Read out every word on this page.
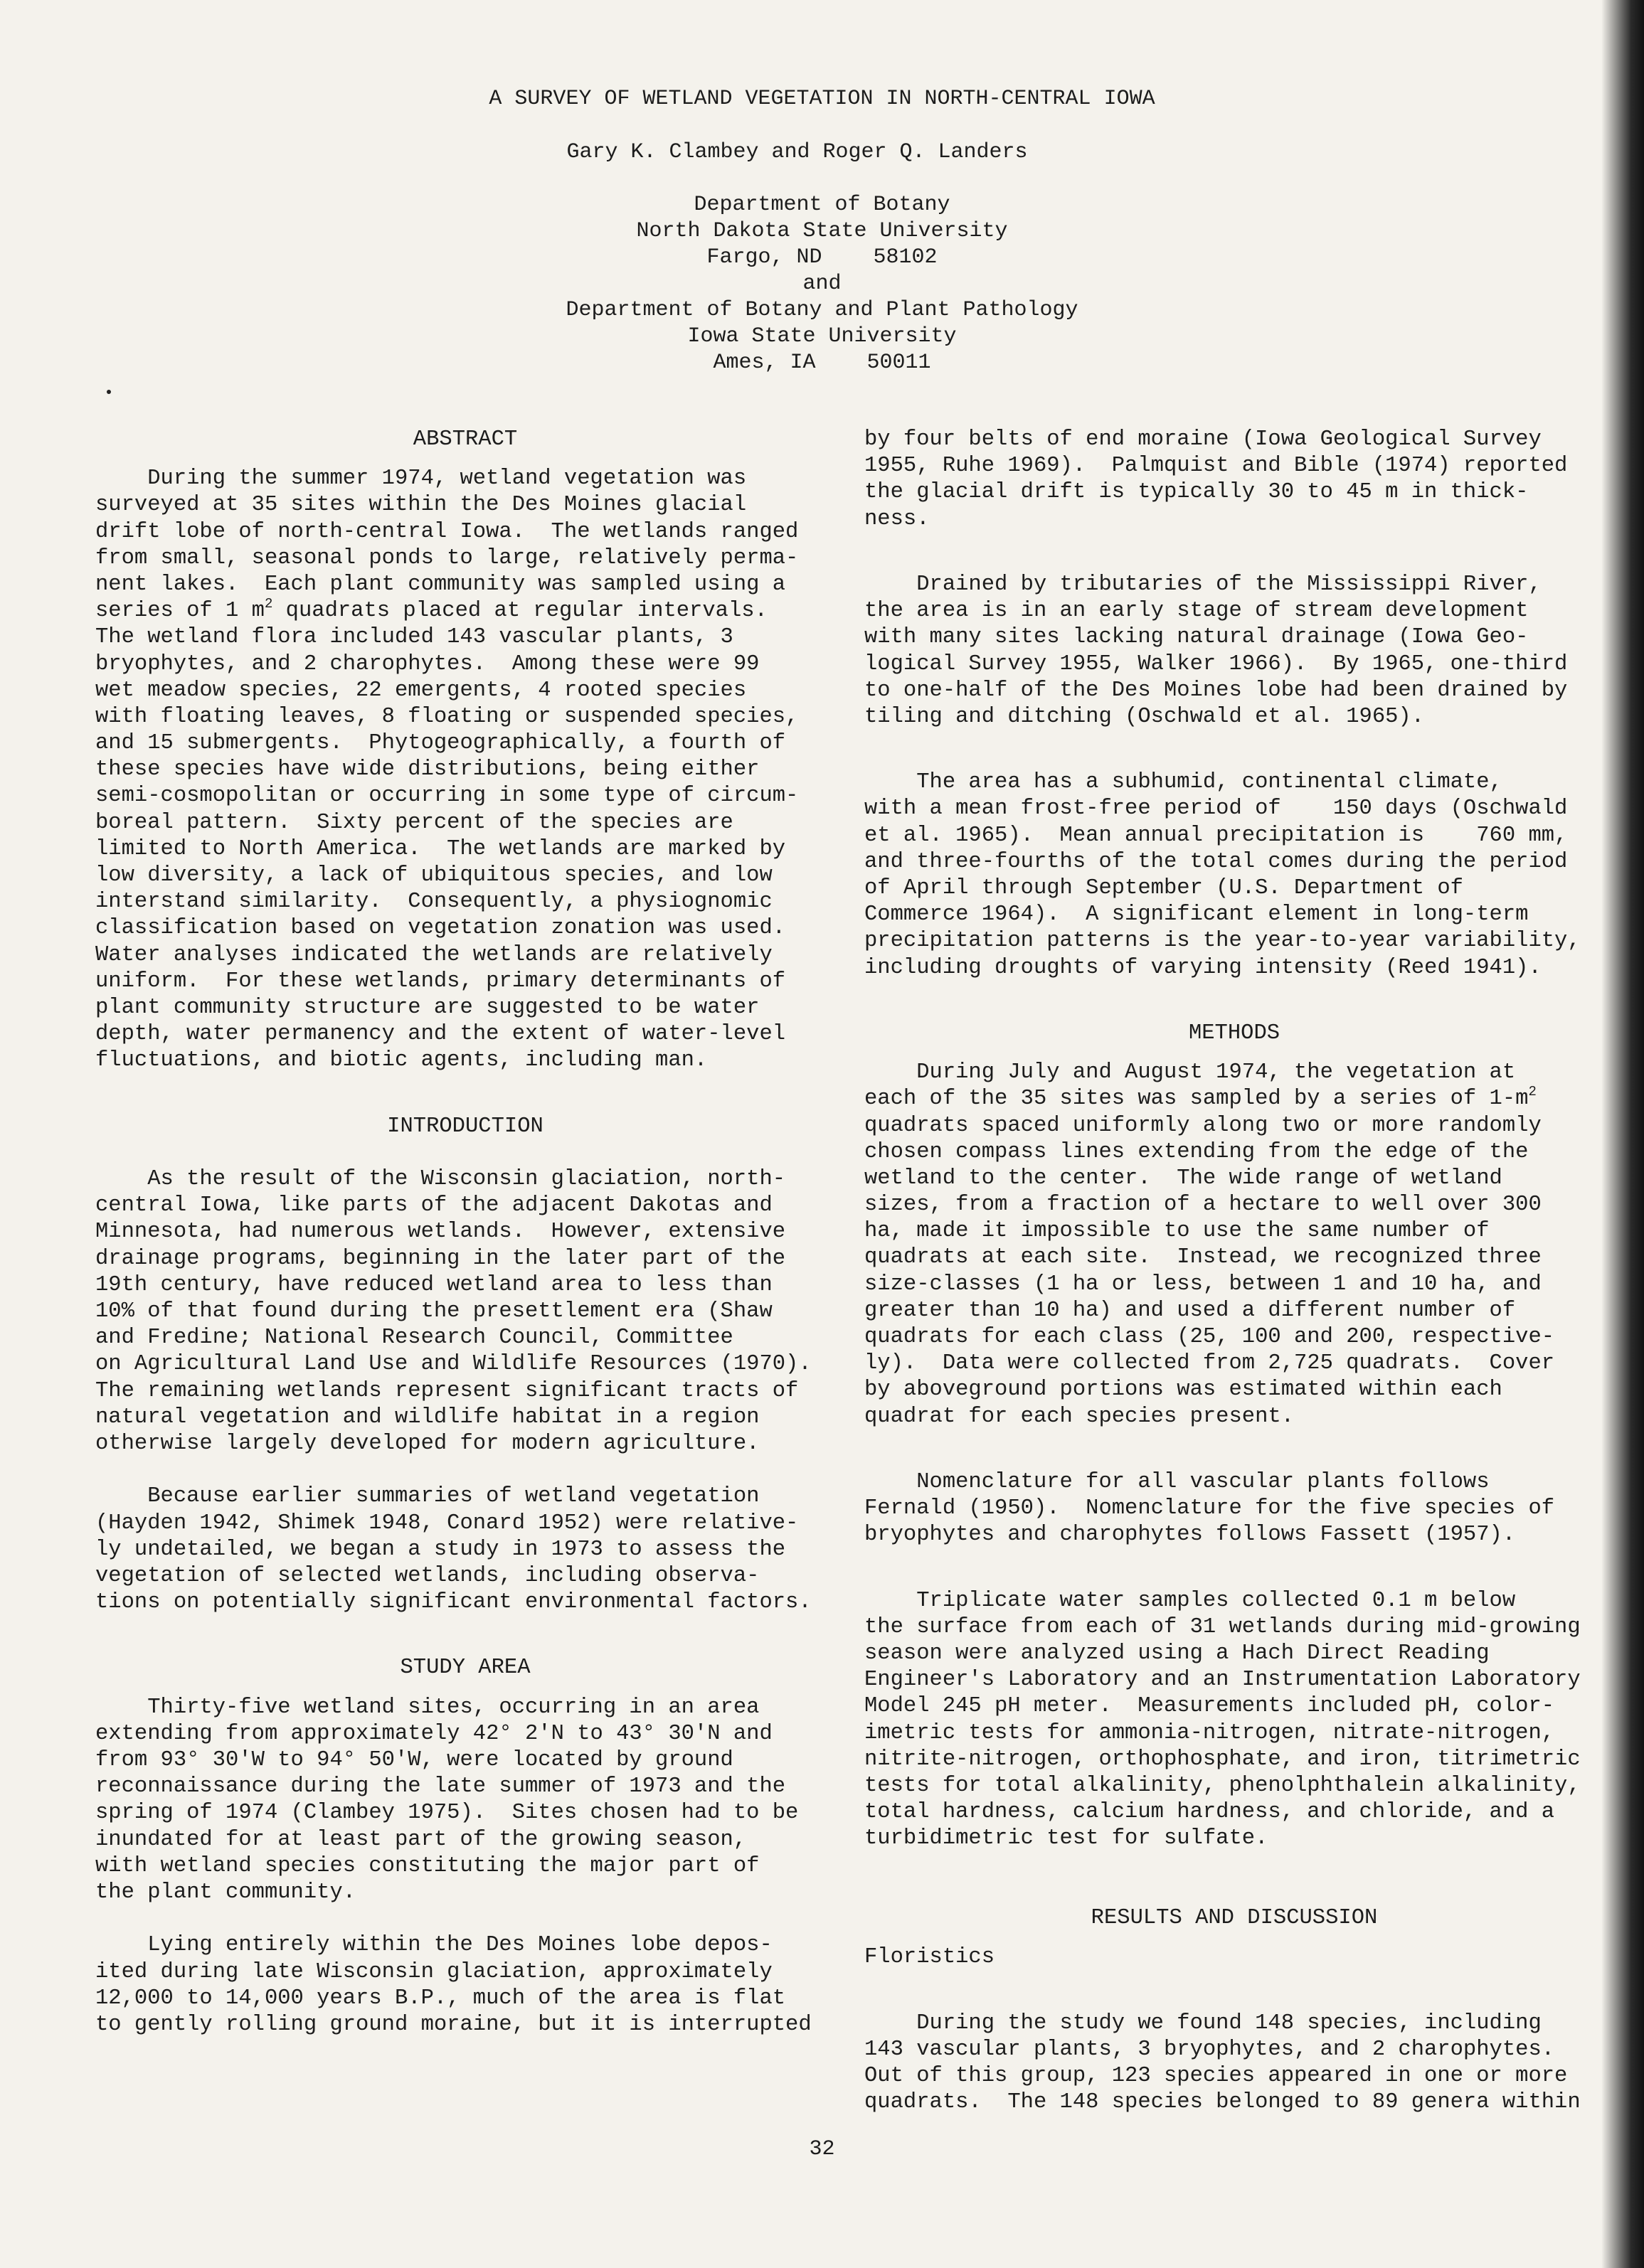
A SURVEY OF WETLAND VEGETATION IN NORTH-CENTRAL IOWA
Gary K. Clambey and Roger Q. Landers
Department of Botany
North Dakota State University
Fargo, ND    58102
and
Department of Botany and Plant Pathology
Iowa State University
Ames, IA    50011
ABSTRACT
During the summer 1974, wetland vegetation was
surveyed at 35 sites within the Des Moines glacial
drift lobe of north-central Iowa.  The wetlands ranged
from small, seasonal ponds to large, relatively perma-
nent lakes.  Each plant community was sampled using a
series of 1 $m^2$ quadrats placed at regular intervals.
The wetland flora included 143 vascular plants, 3
bryophytes, and 2 charophytes.  Among these were 99
wet meadow species, 22 emergents, 4 rooted species
with floating leaves, 8 floating or suspended species,
and 15 submergents.  Phytogeographically, a fourth of
these species have wide distributions, being either
semi-cosmopolitan or occurring in some type of circum-
boreal pattern.  Sixty percent of the species are
limited to North America.  The wetlands are marked by
low diversity, a lack of ubiquitous species, and low
interstand similarity.  Consequently, a physiognomic
classification based on vegetation zonation was used.
Water analyses indicated the wetlands are relatively
uniform.  For these wetlands, primary determinants of
plant community structure are suggested to be water
depth, water permanency and the extent of water-level
fluctuations, and biotic agents, including man.
INTRODUCTION
As the result of the Wisconsin glaciation, north-
central Iowa, like parts of the adjacent Dakotas and
Minnesota, had numerous wetlands.  However, extensive
drainage programs, beginning in the later part of the
19th century, have reduced wetland area to less than
10% of that found during the presettlement era (Shaw
and Fredine; National Research Council, Committee
on Agricultural Land Use and Wildlife Resources (1970).
The remaining wetlands represent significant tracts of
natural vegetation and wildlife habitat in a region
otherwise largely developed for modern agriculture.
Because earlier summaries of wetland vegetation
(Hayden 1942, Shimek 1948, Conard 1952) were relative-
ly undetailed, we began a study in 1973 to assess the
vegetation of selected wetlands, including observa-
tions on potentially significant environmental factors.
STUDY AREA
Thirty-five wetland sites, occurring in an area
extending from approximately 42° 2'N to 43° 30'N and
from 93° 30'W to 94° 50'W, were located by ground
reconnaissance during the late summer of 1973 and the
spring of 1974 (Clambey 1975).  Sites chosen had to be
inundated for at least part of the growing season,
with wetland species constituting the major part of
the plant community.
Lying entirely within the Des Moines lobe depos-
ited during late Wisconsin glaciation, approximately
12,000 to 14,000 years B.P., much of the area is flat
to gently rolling ground moraine, but it is interrupted
by four belts of end moraine (Iowa Geological Survey
1955, Ruhe 1969).  Palmquist and Bible (1974) reported
the glacial drift is typically 30 to 45 m in thick-
ness.
Drained by tributaries of the Mississippi River,
the area is in an early stage of stream development
with many sites lacking natural drainage (Iowa Geo-
logical Survey 1955, Walker 1966).  By 1965, one-third
to one-half of the Des Moines lobe had been drained by
tiling and ditching (Oschwald et al. 1965).
The area has a subhumid, continental climate,
with a mean frost-free period of    150 days (Oschwald
et al. 1965).  Mean annual precipitation is    760 mm,
and three-fourths of the total comes during the period
of April through September (U.S. Department of
Commerce 1964).  A significant element in long-term
precipitation patterns is the year-to-year variability,
including droughts of varying intensity (Reed 1941).
METHODS
During July and August 1974, the vegetation at
each of the 35 sites was sampled by a series of $1-m^2$
quadrats spaced uniformly along two or more randomly
chosen compass lines extending from the edge of the
wetland to the center.  The wide range of wetland
sizes, from a fraction of a hectare to well over 300
ha, made it impossible to use the same number of
quadrats at each site.  Instead, we recognized three
size-classes (1 ha or less, between 1 and 10 ha, and
greater than 10 ha) and used a different number of
quadrats for each class (25, 100 and 200, respective-
ly).  Data were collected from 2,725 quadrats.  Cover
by aboveground portions was estimated within each
quadrat for each species present.
Nomenclature for all vascular plants follows
Fernald (1950).  Nomenclature for the five species of
bryophytes and charophytes follows Fassett (1957).
Triplicate water samples collected 0.1 m below
the surface from each of 31 wetlands during mid-growing
season were analyzed using a Hach Direct Reading
Engineer's Laboratory and an Instrumentation Laboratory
Model 245 pH meter.  Measurements included pH, color-
imetric tests for ammonia-nitrogen, nitrate-nitrogen,
nitrite-nitrogen, orthophosphate, and iron, titrimetric
tests for total alkalinity, phenolphthalein alkalinity,
total hardness, calcium hardness, and chloride, and a
turbidimetric test for sulfate.
RESULTS AND DISCUSSION
Floristics
During the study we found 148 species, including
143 vascular plants, 3 bryophytes, and 2 charophytes.
Out of this group, 123 species appeared in one or more
quadrats.  The 148 species belonged to 89 genera within
32
